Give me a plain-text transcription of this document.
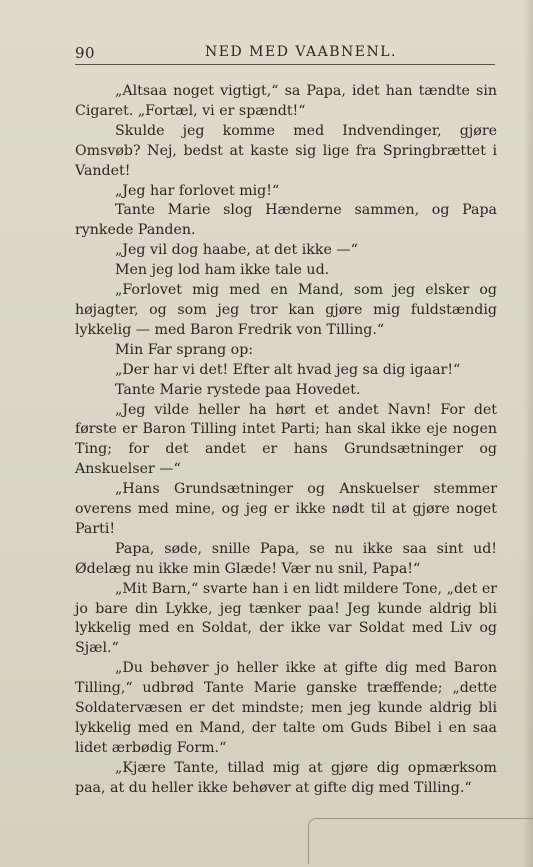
90	NED MED VAABNENL.

„Altsaa noget vigtigt,“ sa Papa, idet han tændte sin Cigaret. „Fortæl, vi er spændt!“

Skulde jeg komme med Indvendinger, gjøre Omsvøb? Nej, bedst at kaste sig lige fra Springbrættet i Vandet!

„Jeg har forlovet mig!“

Tante Marie slog Hænderne sammen, og Papa rynkede Panden.

„Jeg vil dog haabe, at det ikke —“

Men jeg lod ham ikke tale ud.

„Forlovet mig med en Mand, som jeg elsker og højagter, og som jeg tror kan gjøre mig fuldstændig lykkelig — med Baron Fredrik von Tilling.“

Min Far sprang op:

„Der har vi det! Efter alt hvad jeg sa dig igaar!“

Tante Marie rystede paa Hovedet.

„Jeg vilde heller ha hørt et andet Navn! For det første er Baron Tilling intet Parti; han skal ikke eje nogen Ting; for det andet er hans Grundsætninger og Anskuelser —“

„Hans Grundsætninger og Anskuelser stemmer overens med mine, og jeg er ikke nødt til at gjøre noget Parti!

Papa, søde, snille Papa, se nu ikke saa sint ud! Ødelæg nu ikke min Glæde! Vær nu snil, Papa!“

„Mit Barn,“ svarte han i en lidt mildere Tone, „det er jo bare din Lykke, jeg tænker paa! Jeg kunde aldrig bli lykkelig med en Soldat, der ikke var Soldat med Liv og Sjæl.“

„Du behøver jo heller ikke at gifte dig med Baron Tilling,“ udbrød Tante Marie ganske træffende; „dette Soldatervæsen er det mindste; men jeg kunde aldrig bli lykkelig med en Mand, der talte om Guds Bibel i en saa lidet ærbødig Form.“

„Kjære Tante, tillad mig at gjøre dig opmærksom paa, at du heller ikke behøver at gifte dig med Tilling.“
